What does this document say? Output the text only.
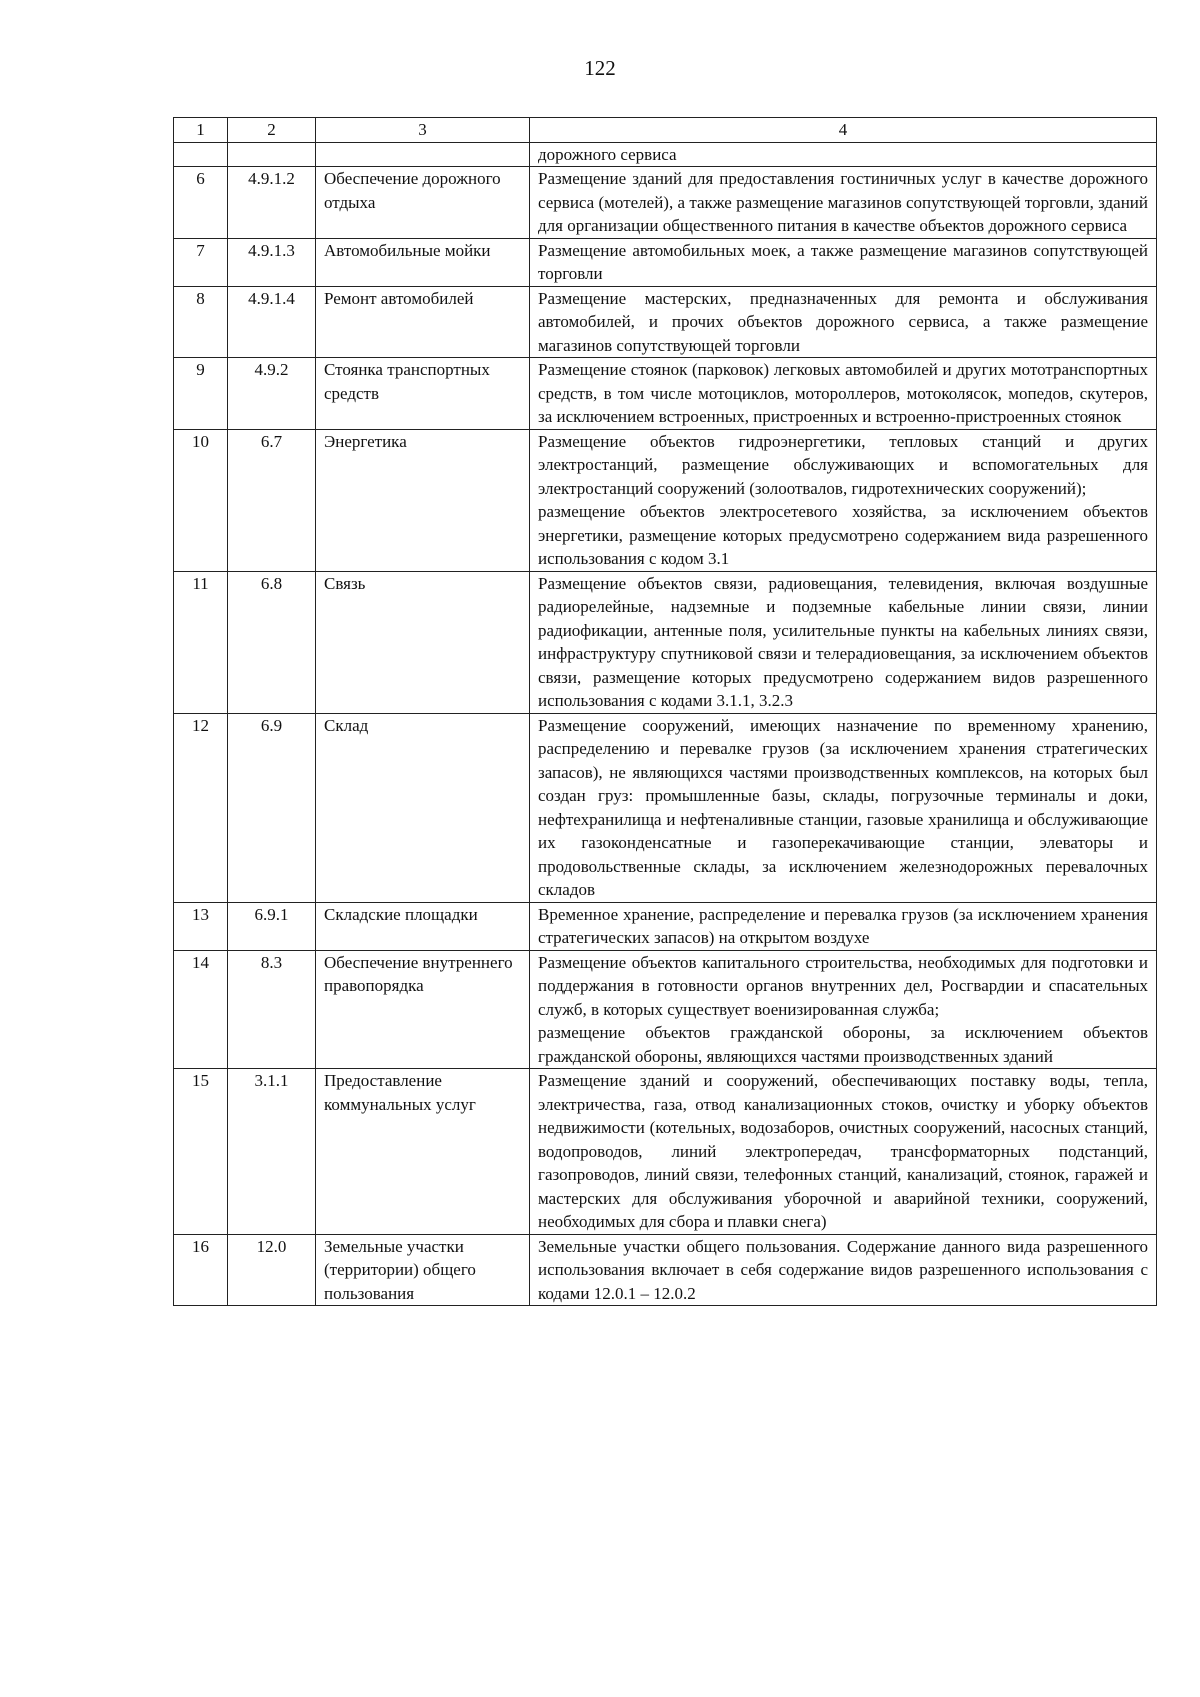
122
1	2	3	4
			дорожного сервиса
6	4.9.1.2	Обеспечение дорожного отдыха	Размещение зданий для предоставления гостиничных услуг в качестве дорожного сервиса (мотелей), а также размещение магазинов сопутствующей торговли, зданий для организации общественного питания в качестве объектов дорожного сервиса

7	4.9.1.3	Автомобильные мойки	Размещение автомобильных моек, а также размещение магазинов сопутствующей торговли

8	4.9.1.4	Ремонт автомобилей	Размещение мастерских, предназначенных для ремонта и обслуживания автомобилей, и прочих объектов дорожного сервиса, а также размещение магазинов сопутствующей торговли

9	4.9.2	Стоянка транспортных средств	Размещение стоянок (парковок) легковых автомобилей и других мототранспортных средств, в том числе мотоциклов, мотороллеров, мотоколясок, мопедов, скутеров, за исключением встроенных, пристроенных и встроенно-пристроенных стоянок

10	6.7	Энергетика	Размещение объектов гидроэнергетики, тепловых станций и других электростанций, размещение обслуживающих и вспомогательных для электростанций сооружений (золоотвалов, гидротехнических сооружений);
размещение объектов электросетевого хозяйства, за исключением объектов энергетики, размещение которых предусмотрено содержанием вида разрешенного использования с кодом 3.1

11	6.8	Связь	Размещение объектов связи, радиовещания, телевидения, включая воздушные радиорелейные, надземные и подземные кабельные линии связи, линии радиофикации, антенные поля, усилительные пункты на кабельных линиях связи, инфраструктуру спутниковой связи и телерадиовещания, за исключением объектов связи, размещение которых предусмотрено содержанием видов разрешенного использования с кодами 3.1.1, 3.2.3

12	6.9	Склад	Размещение сооружений, имеющих назначение по временному хранению, распределению и перевалке грузов (за исключением хранения стратегических запасов), не являющихся частями производственных комплексов, на которых был создан груз: промышленные базы, склады, погрузочные терминалы и доки, нефтехранилища и нефтеналивные станции, газовые хранилища и обслуживающие их газоконденсатные и газоперекачивающие станции, элеваторы и продовольственные склады, за исключением железнодорожных перевалочных складов

13	6.9.1	Складские площадки	Временное хранение, распределение и перевалка грузов (за исключением хранения стратегических запасов) на открытом воздухе

14	8.3	Обеспечение внутреннего правопорядка	Размещение объектов капитального строительства, необходимых для подготовки и поддержания в готовности органов внутренних дел, Росгвардии и спасательных служб, в которых существует военизированная служба;
размещение объектов гражданской обороны, за исключением объектов гражданской обороны, являющихся частями производственных зданий

15	3.1.1	Предоставление коммунальных услуг	Размещение зданий и сооружений, обеспечивающих поставку воды, тепла, электричества, газа, отвод канализационных стоков, очистку и уборку объектов недвижимости (котельных, водозаборов, очистных сооружений, насосных станций, водопроводов, линий электропередач, трансформаторных подстанций, газопроводов, линий связи, телефонных станций, канализаций, стоянок, гаражей и мастерских для обслуживания уборочной и аварийной техники, сооружений, необходимых для сбора и плавки снега)

16	12.0	Земельные участки (территории) общего пользования	Земельные участки общего пользования. Содержание данного вида разрешенного использования включает в себя содержание видов разрешенного использования с кодами 12.0.1 – 12.0.2
